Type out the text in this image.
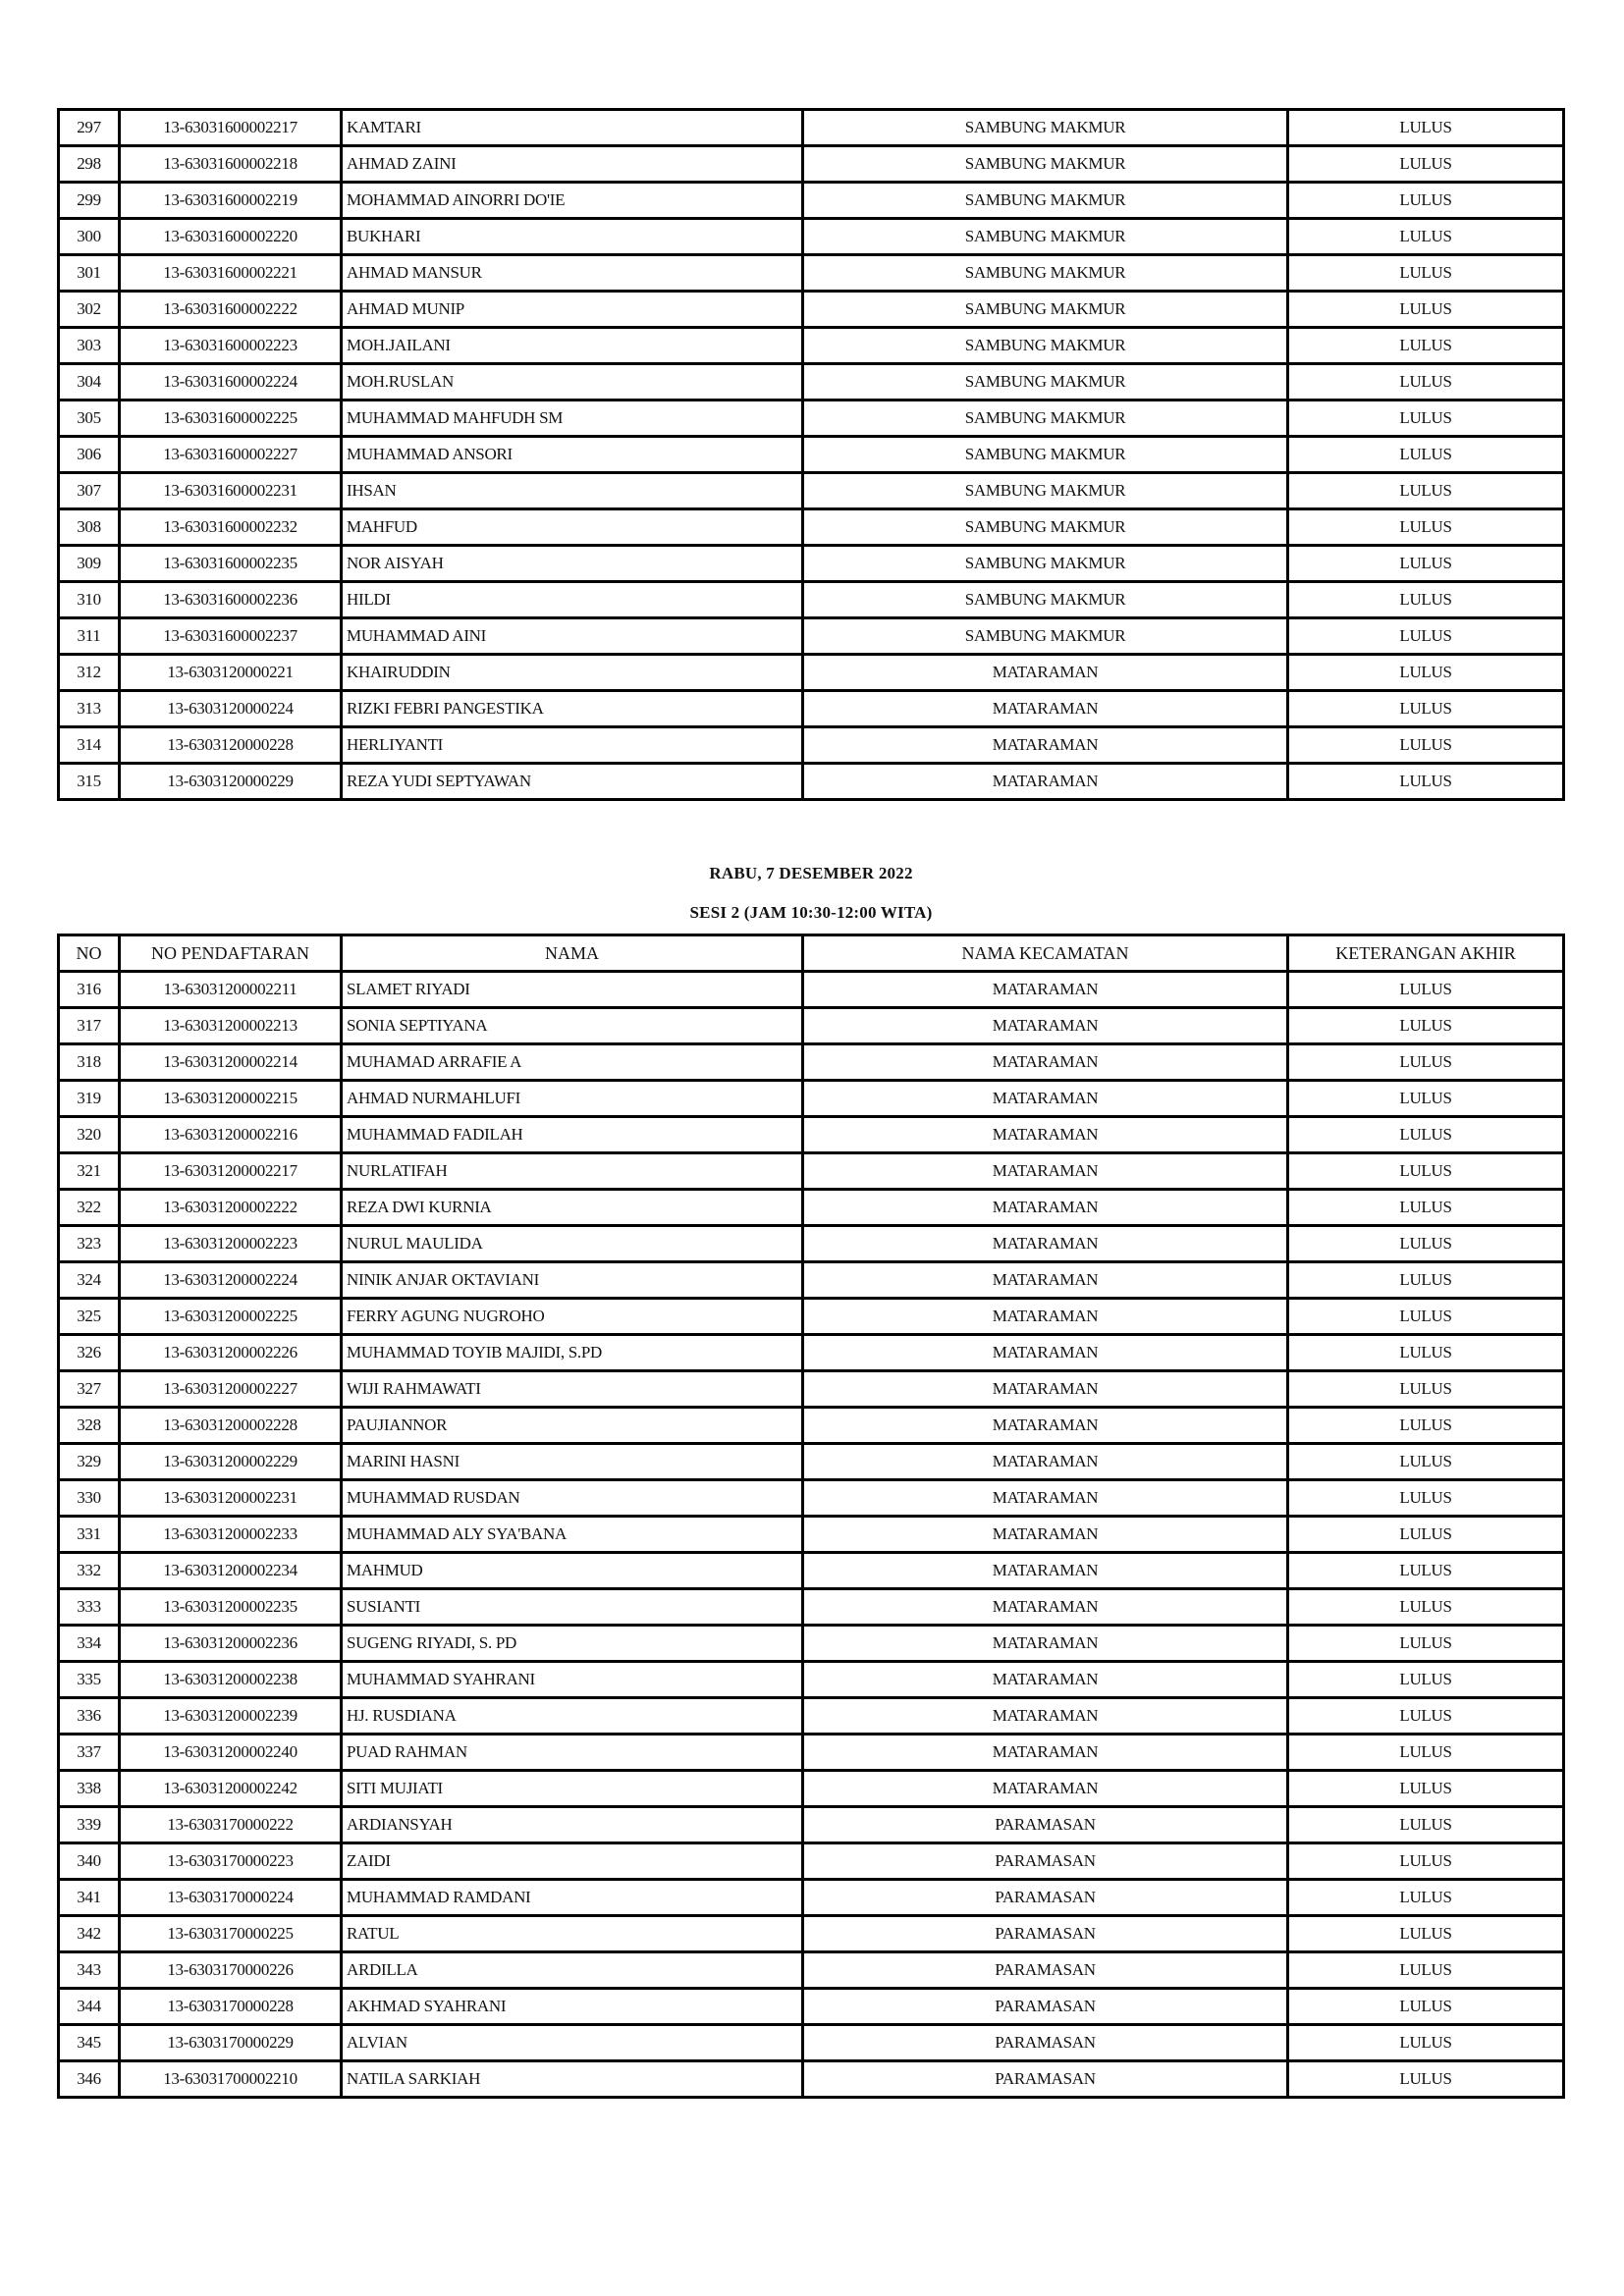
297	13-63031600002217	KAMTARI	SAMBUNG MAKMUR	LULUS
298	13-63031600002218	AHMAD ZAINI	SAMBUNG MAKMUR	LULUS
299	13-63031600002219	MOHAMMAD AINORRI DO'IE	SAMBUNG MAKMUR	LULUS
300	13-63031600002220	BUKHARI	SAMBUNG MAKMUR	LULUS
301	13-63031600002221	AHMAD MANSUR	SAMBUNG MAKMUR	LULUS
302	13-63031600002222	AHMAD MUNIP	SAMBUNG MAKMUR	LULUS
303	13-63031600002223	MOH.JAILANI	SAMBUNG MAKMUR	LULUS
304	13-63031600002224	MOH.RUSLAN	SAMBUNG MAKMUR	LULUS
305	13-63031600002225	MUHAMMAD MAHFUDH SM	SAMBUNG MAKMUR	LULUS
306	13-63031600002227	MUHAMMAD ANSORI	SAMBUNG MAKMUR	LULUS
307	13-63031600002231	IHSAN	SAMBUNG MAKMUR	LULUS
308	13-63031600002232	MAHFUD	SAMBUNG MAKMUR	LULUS
309	13-63031600002235	NOR AISYAH	SAMBUNG MAKMUR	LULUS
310	13-63031600002236	HILDI	SAMBUNG MAKMUR	LULUS
311	13-63031600002237	MUHAMMAD AINI	SAMBUNG MAKMUR	LULUS
312	13-6303120000221	KHAIRUDDIN	MATARAMAN	LULUS
313	13-6303120000224	RIZKI FEBRI PANGESTIKA	MATARAMAN	LULUS
314	13-6303120000228	HERLIYANTI	MATARAMAN	LULUS
315	13-6303120000229	REZA YUDI SEPTYAWAN	MATARAMAN	LULUS
RABU, 7 DESEMBER 2022
SESI 2 (JAM 10:30-12:00 WITA)
NO	NO PENDAFTARAN	NAMA	NAMA KECAMATAN	KETERANGAN AKHIR
316	13-63031200002211	SLAMET RIYADI	MATARAMAN	LULUS
317	13-63031200002213	SONIA SEPTIYANA	MATARAMAN	LULUS
318	13-63031200002214	MUHAMAD ARRAFIE A	MATARAMAN	LULUS
319	13-63031200002215	AHMAD NURMAHLUFI	MATARAMAN	LULUS
320	13-63031200002216	MUHAMMAD FADILAH	MATARAMAN	LULUS
321	13-63031200002217	NURLATIFAH	MATARAMAN	LULUS
322	13-63031200002222	REZA DWI KURNIA	MATARAMAN	LULUS
323	13-63031200002223	NURUL MAULIDA	MATARAMAN	LULUS
324	13-63031200002224	NINIK ANJAR OKTAVIANI	MATARAMAN	LULUS
325	13-63031200002225	FERRY AGUNG NUGROHO	MATARAMAN	LULUS
326	13-63031200002226	MUHAMMAD TOYIB MAJIDI, S.PD	MATARAMAN	LULUS
327	13-63031200002227	WIJI RAHMAWATI	MATARAMAN	LULUS
328	13-63031200002228	PAUJIANNOR	MATARAMAN	LULUS
329	13-63031200002229	MARINI HASNI	MATARAMAN	LULUS
330	13-63031200002231	MUHAMMAD RUSDAN	MATARAMAN	LULUS
331	13-63031200002233	MUHAMMAD ALY SYA'BANA	MATARAMAN	LULUS
332	13-63031200002234	MAHMUD	MATARAMAN	LULUS
333	13-63031200002235	SUSIANTI	MATARAMAN	LULUS
334	13-63031200002236	SUGENG RIYADI, S. PD	MATARAMAN	LULUS
335	13-63031200002238	MUHAMMAD SYAHRANI	MATARAMAN	LULUS
336	13-63031200002239	HJ. RUSDIANA	MATARAMAN	LULUS
337	13-63031200002240	PUAD RAHMAN	MATARAMAN	LULUS
338	13-63031200002242	SITI MUJIATI	MATARAMAN	LULUS
339	13-6303170000222	ARDIANSYAH	PARAMASAN	LULUS
340	13-6303170000223	ZAIDI	PARAMASAN	LULUS
341	13-6303170000224	MUHAMMAD RAMDANI	PARAMASAN	LULUS
342	13-6303170000225	RATUL	PARAMASAN	LULUS
343	13-6303170000226	ARDILLA	PARAMASAN	LULUS
344	13-6303170000228	AKHMAD SYAHRANI	PARAMASAN	LULUS
345	13-6303170000229	ALVIAN	PARAMASAN	LULUS
346	13-63031700002210	NATILA SARKIAH	PARAMASAN	LULUS
